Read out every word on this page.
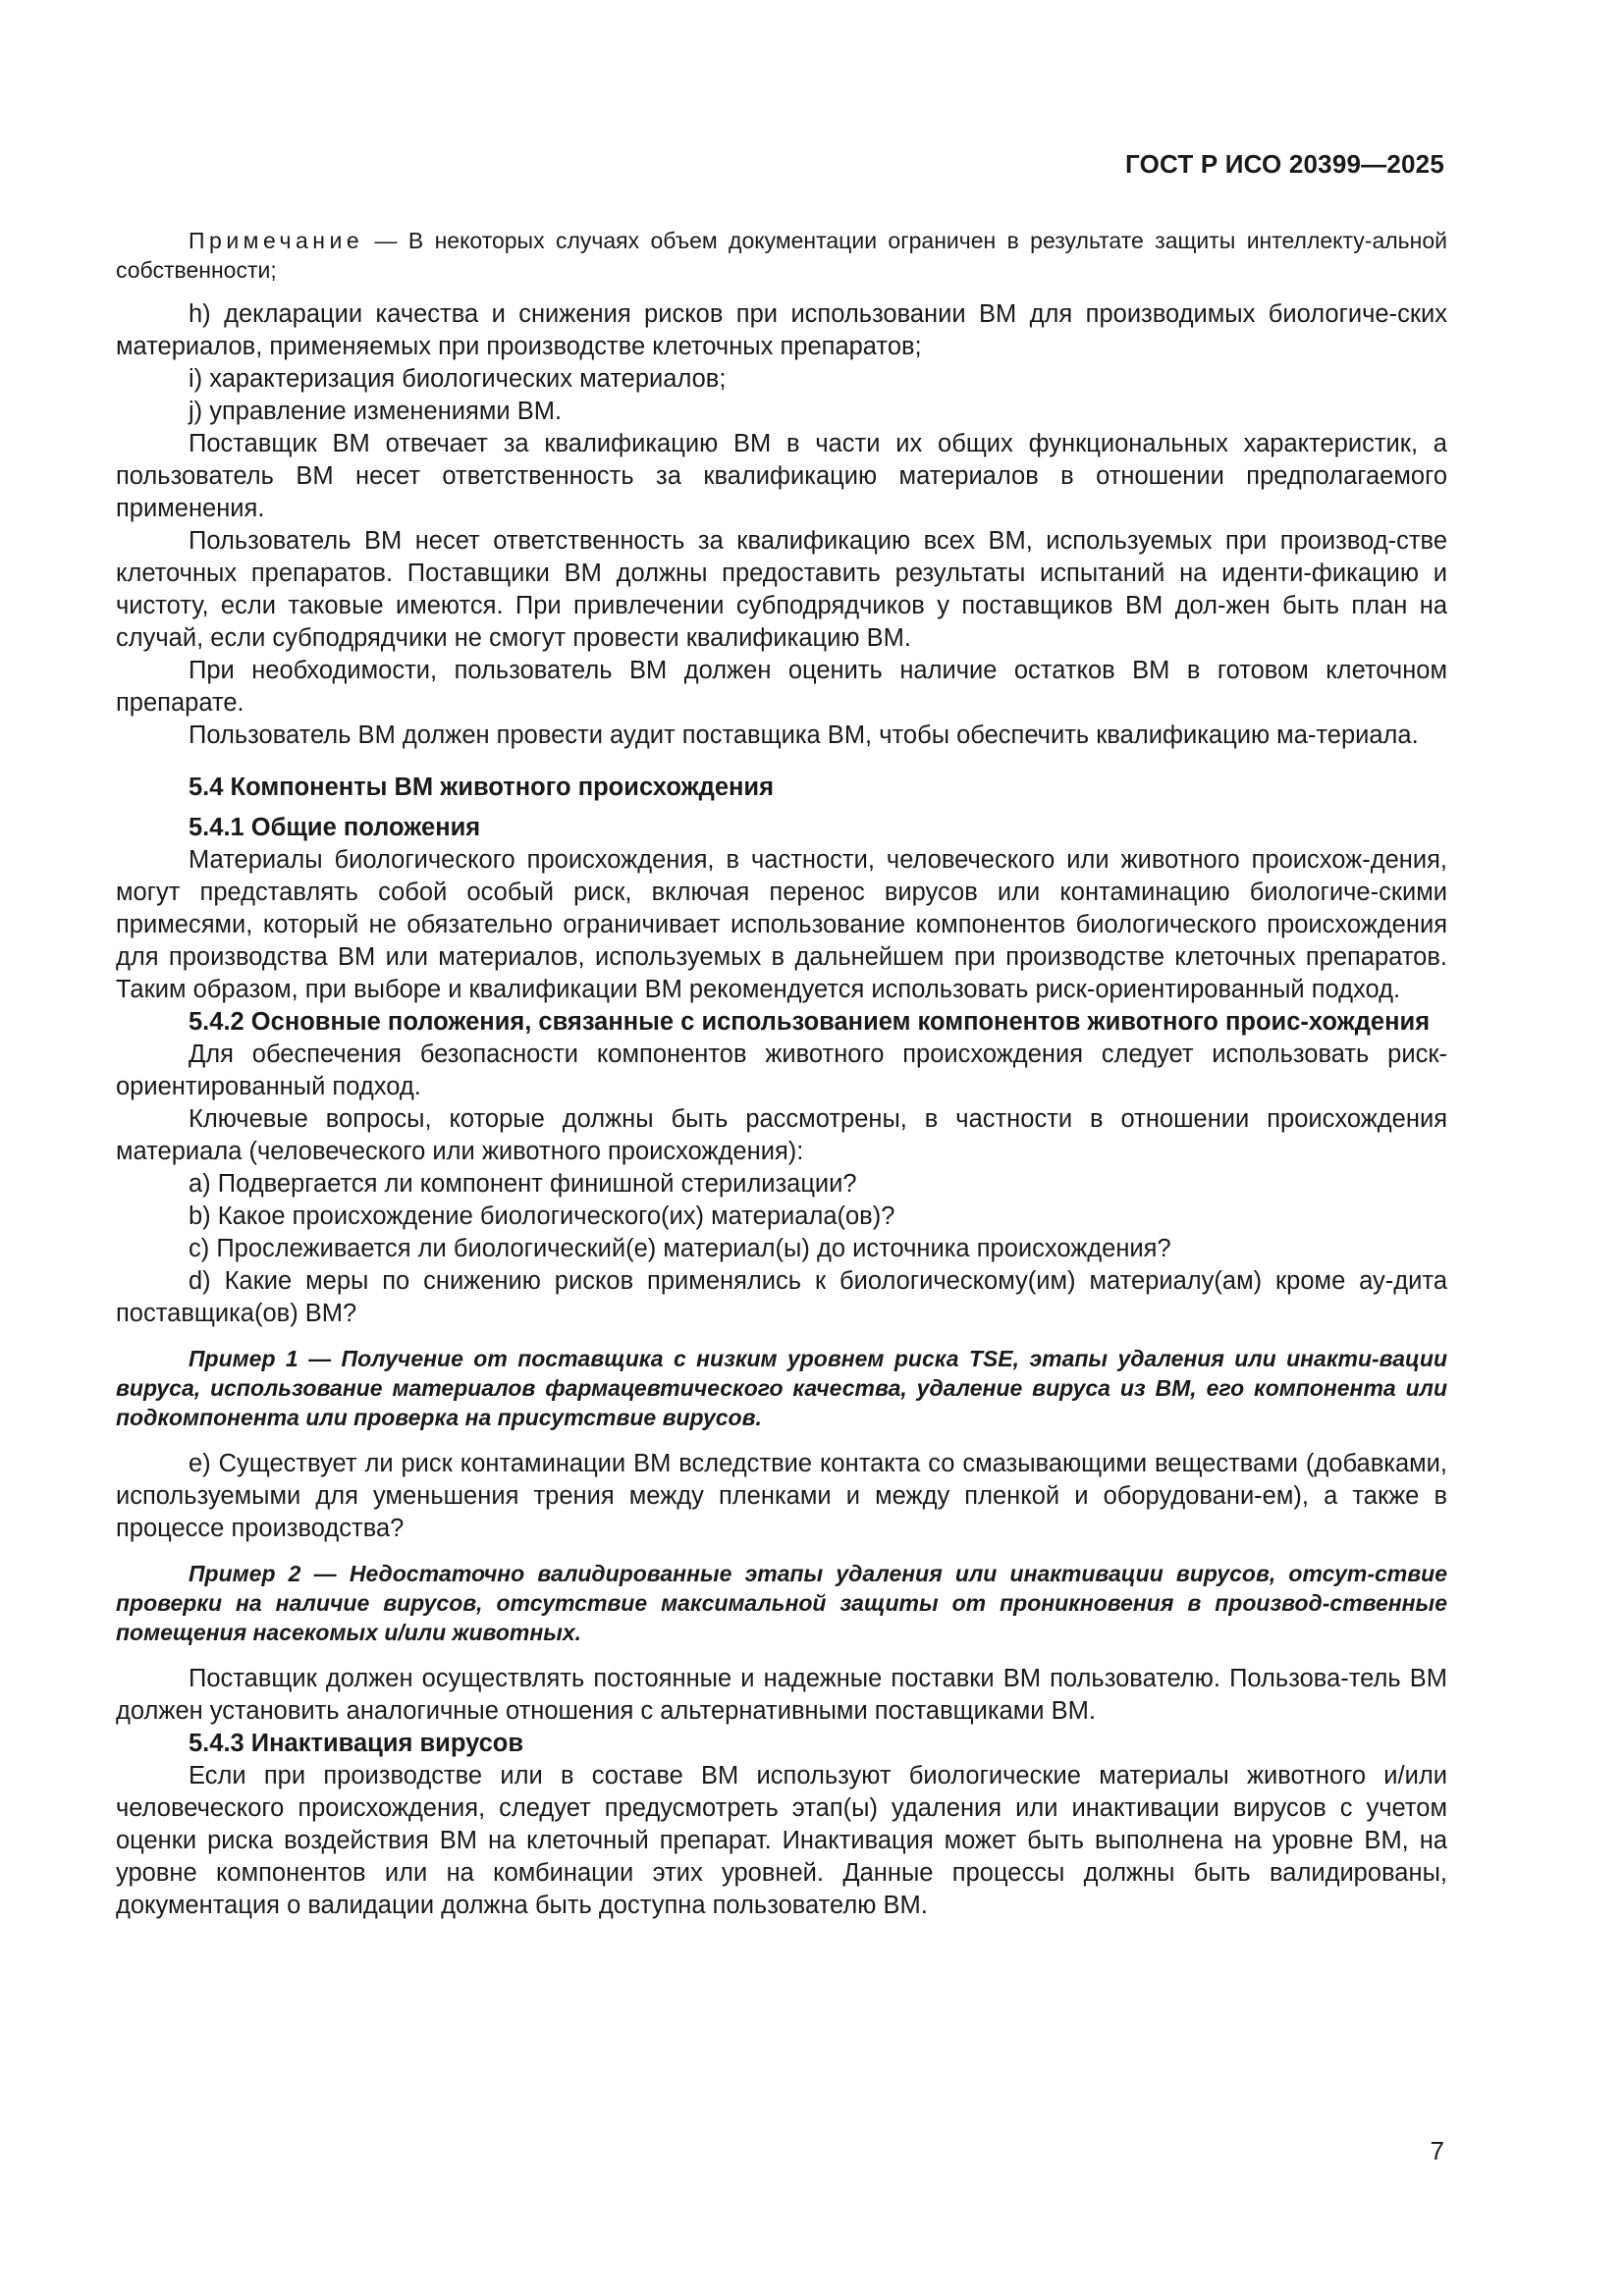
ГОСТ Р ИСО 20399—2025

Примечание — В некоторых случаях объем документации ограничен в результате защиты интеллекту-альной собственности;

h) декларации качества и снижения рисков при использовании ВМ для производимых биологиче-ских материалов, применяемых при производстве клеточных препаратов;

i) характеризация биологических материалов;

j) управление изменениями ВМ.

Поставщик ВМ отвечает за квалификацию ВМ в части их общих функциональных характеристик, а пользователь ВМ несет ответственность за квалификацию материалов в отношении предполагаемого применения.

Пользователь ВМ несет ответственность за квалификацию всех ВМ, используемых при производ-стве клеточных препаратов. Поставщики ВМ должны предоставить результаты испытаний на иденти-фикацию и чистоту, если таковые имеются. При привлечении субподрядчиков у поставщиков ВМ дол-жен быть план на случай, если субподрядчики не смогут провести квалификацию ВМ.

При необходимости, пользователь ВМ должен оценить наличие остатков ВМ в готовом клеточном препарате.

Пользователь ВМ должен провести аудит поставщика ВМ, чтобы обеспечить квалификацию ма-териала.

5.4 Компоненты ВМ животного происхождения

5.4.1 Общие положения

Материалы биологического происхождения, в частности, человеческого или животного происхож-дения, могут представлять собой особый риск, включая перенос вирусов или контаминацию биологиче-скими примесями, который не обязательно ограничивает использование компонентов биологического происхождения для производства ВМ или материалов, используемых в дальнейшем при производстве клеточных препаратов. Таким образом, при выборе и квалификации ВМ рекомендуется использовать риск-ориентированный подход.

5.4.2 Основные положения, связанные с использованием компонентов животного проис-хождения

Для обеспечения безопасности компонентов животного происхождения следует использовать риск-ориентированный подход.

Ключевые вопросы, которые должны быть рассмотрены, в частности в отношении происхождения материала (человеческого или животного происхождения):

a) Подвергается ли компонент финишной стерилизации?

b) Какое происхождение биологического(их) материала(ов)?

c) Прослеживается ли биологический(е) материал(ы) до источника происхождения?

d) Какие меры по снижению рисков применялись к биологическому(им) материалу(ам) кроме ау-дита поставщика(ов) ВМ?

Пример 1 — Получение от поставщика с низким уровнем риска TSE, этапы удаления или инакти-вации вируса, использование материалов фармацевтического качества, удаление вируса из ВМ, его компонента или подкомпонента или проверка на присутствие вирусов.

e) Существует ли риск контаминации ВМ вследствие контакта со смазывающими веществами (добавками, используемыми для уменьшения трения между пленками и между пленкой и оборудовани-ем), а также в процессе производства?

Пример 2 — Недостаточно валидированные этапы удаления или инактивации вирусов, отсут-ствие проверки на наличие вирусов, отсутствие максимальной защиты от проникновения в производ-ственные помещения насекомых и/или животных.

Поставщик должен осуществлять постоянные и надежные поставки ВМ пользователю. Пользова-тель ВМ должен установить аналогичные отношения с альтернативными поставщиками ВМ.

5.4.3 Инактивация вирусов

Если при производстве или в составе ВМ используют биологические материалы животного и/или человеческого происхождения, следует предусмотреть этап(ы) удаления или инактивации вирусов с учетом оценки риска воздействия ВМ на клеточный препарат. Инактивация может быть выполнена на уровне ВМ, на уровне компонентов или на комбинации этих уровней. Данные процессы должны быть валидированы, документация о валидации должна быть доступна пользователю ВМ.

7
